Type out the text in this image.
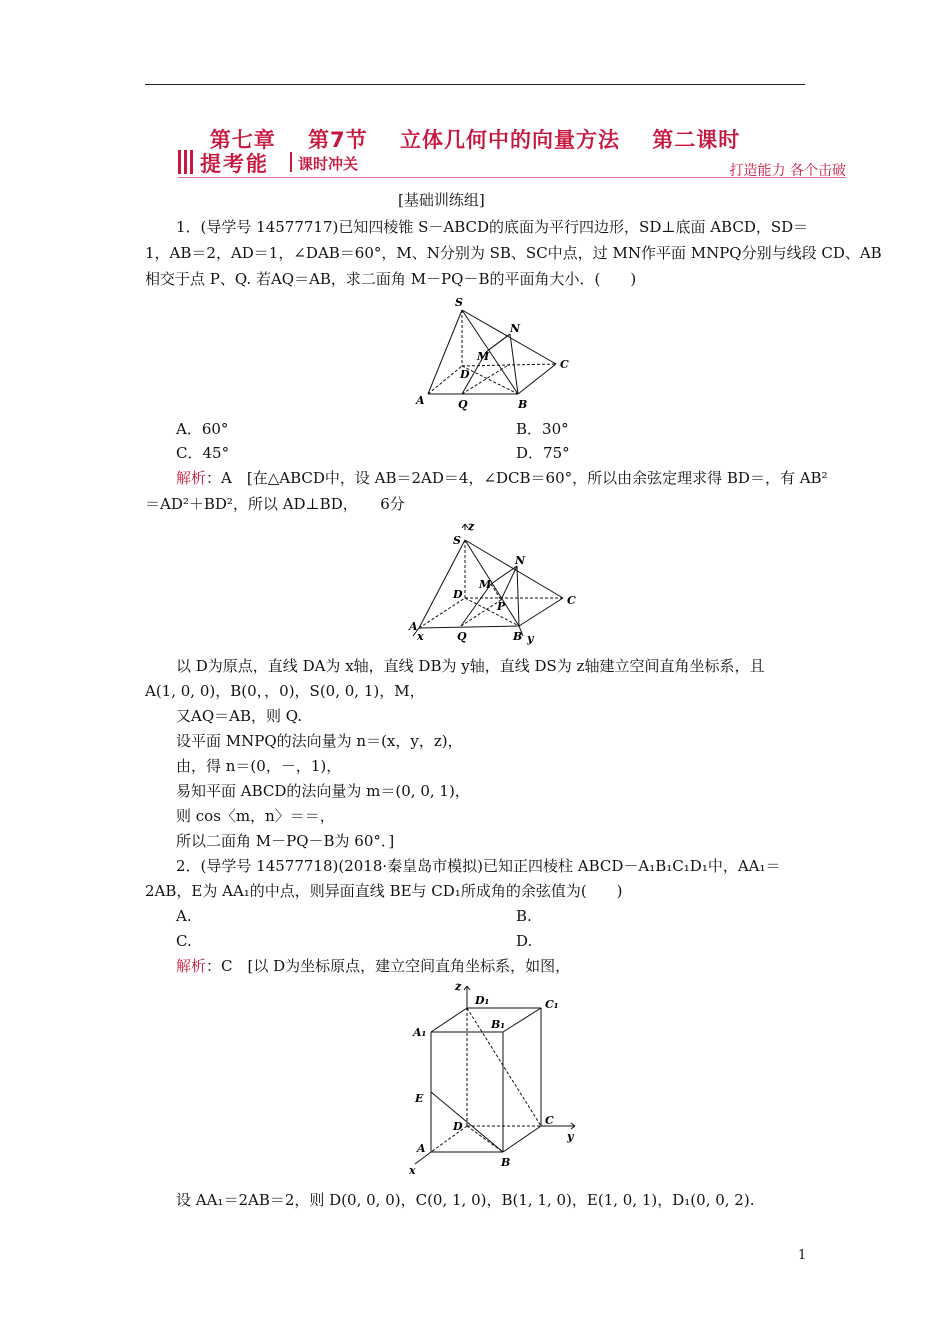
第七章 第7节 立体几何中的向量方法 第二课时
提考能 课时冲关	打造能力 各个击破
[基础训练组]
1．(导学号 14577717)已知四棱锥 S－ABCD的底面为平行四边形，SD⊥底面 ABCD，SD＝
1，AB＝2，AD＝1，∠DAB＝60°，M、N分别为 SB、SC中点，过 MN作平面 MNPQ分别与线段 CD、AB
相交于点 P、Q. 若AQ＝AB，求二面角 M－PQ－B的平面角大小．(　　)
S
N
M
D
C
A	Q	B
A．60°	B．30°
C．45°	D．75°
解析：A　[在△ABCD中，设 AB＝2AD＝4，∠DCB＝60°，所以由余弦定理求得 BD＝，有 AB²
＝AD²＋BD²，所以 AD⊥BD，　　6分
z
S
N
M
D
P	C
A
x	Q	B y
以 D为原点，直线 DA为 x轴，直线 DB为 y轴，直线 DS为 z轴建立空间直角坐标系，且
A(1, 0, 0)，B(0，，0)，S(0, 0, 1)，M，
又AQ＝AB，则 Q.
设平面 MNPQ的法向量为 n＝(x，y，z)，
由，得 n＝(0，－，1)，
易知平面 ABCD的法向量为 m＝(0, 0, 1)，
则 cos〈m，n〉＝＝，
所以二面角 M－PQ－B为 60°．]
2．(导学号 14577718)(2018·秦皇岛市模拟)已知正四棱柱 ABCD－A₁B₁C₁D₁中，AA₁＝
2AB，E为 AA₁的中点，则异面直线 BE与 CD₁所成角的余弦值为(　　)
A.	B.
C.	D.
解析：C　[以 D为坐标原点，建立空间直角坐标系，如图，
z
D₁	C₁
B₁
A₁
E
D	C
y
A
B
x
设 AA₁＝2AB＝2，则 D(0, 0, 0)，C(0, 1, 0)，B(1, 1, 0)，E(1, 0, 1)，D₁(0, 0, 2).
1
